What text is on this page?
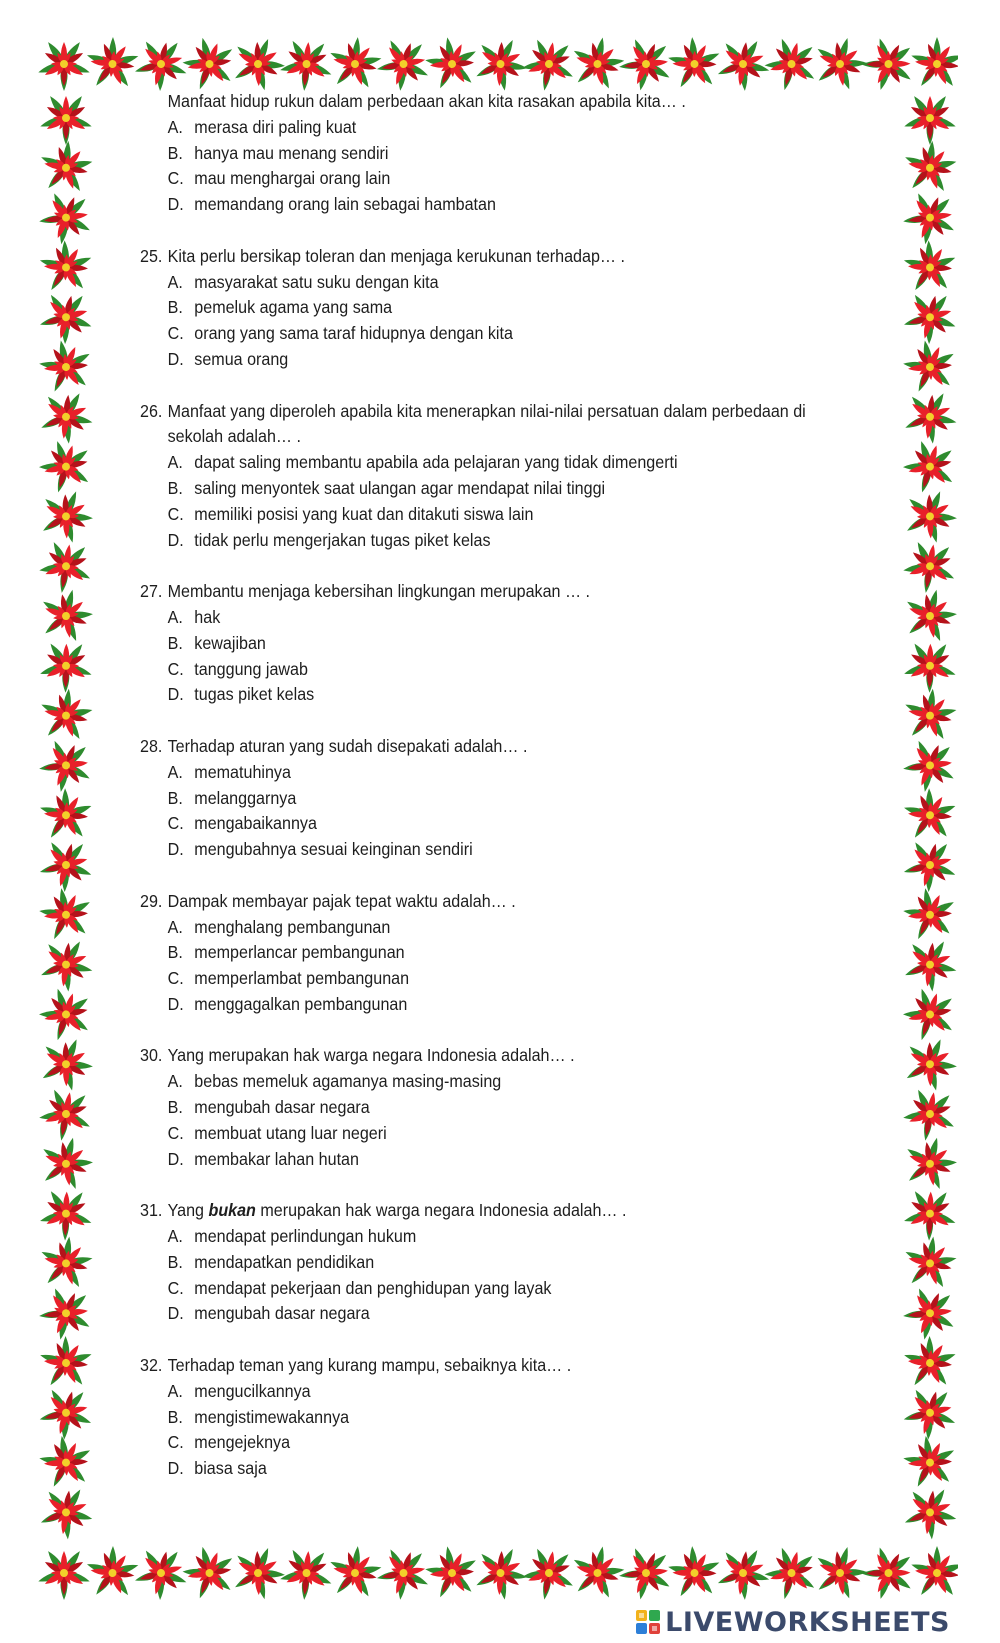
Manfaat hidup rukun dalam perbedaan akan kita rasakan apabila kita… .
A. merasa diri paling kuat
B. hanya mau menang sendiri
C. mau menghargai orang lain
D. memandang orang lain sebagai hambatan
25. Kita perlu bersikap toleran dan menjaga kerukunan terhadap… .
A. masyarakat satu suku dengan kita
B. pemeluk agama yang sama
C. orang yang sama taraf hidupnya dengan kita
D. semua orang
26. Manfaat yang diperoleh apabila kita menerapkan nilai-nilai persatuan dalam perbedaan di sekolah adalah… .
A. dapat saling membantu apabila ada pelajaran yang tidak dimengerti
B. saling menyontek saat ulangan agar mendapat nilai tinggi
C. memiliki posisi yang kuat dan ditakuti siswa lain
D. tidak perlu mengerjakan tugas piket kelas
27. Membantu menjaga kebersihan lingkungan merupakan … .
A. hak
B. kewajiban
C. tanggung jawab
D. tugas piket kelas
28. Terhadap aturan yang sudah disepakati adalah… .
A. mematuhinya
B. melanggarnya
C. mengabaikannya
D. mengubahnya sesuai keinginan sendiri
29. Dampak membayar pajak tepat waktu adalah… .
A. menghalang pembangunan
B. memperlancar pembangunan
C. memperlambat pembangunan
D. menggagalkan pembangunan
30. Yang merupakan hak warga negara Indonesia adalah… .
A. bebas memeluk agamanya masing-masing
B. mengubah dasar negara
C. membuat utang luar negeri
D. membakar lahan hutan
31. Yang bukan merupakan hak warga negara Indonesia adalah… .
A. mendapat perlindungan hukum
B. mendapatkan pendidikan
C. mendapat pekerjaan dan penghidupan yang layak
D. mengubah dasar negara
32. Terhadap teman yang kurang mampu, sebaiknya kita… .
A. mengucilkannya
B. mengistimewakannya
C. mengejeknya
D. biasa saja
LIVEWORKSHEETS
